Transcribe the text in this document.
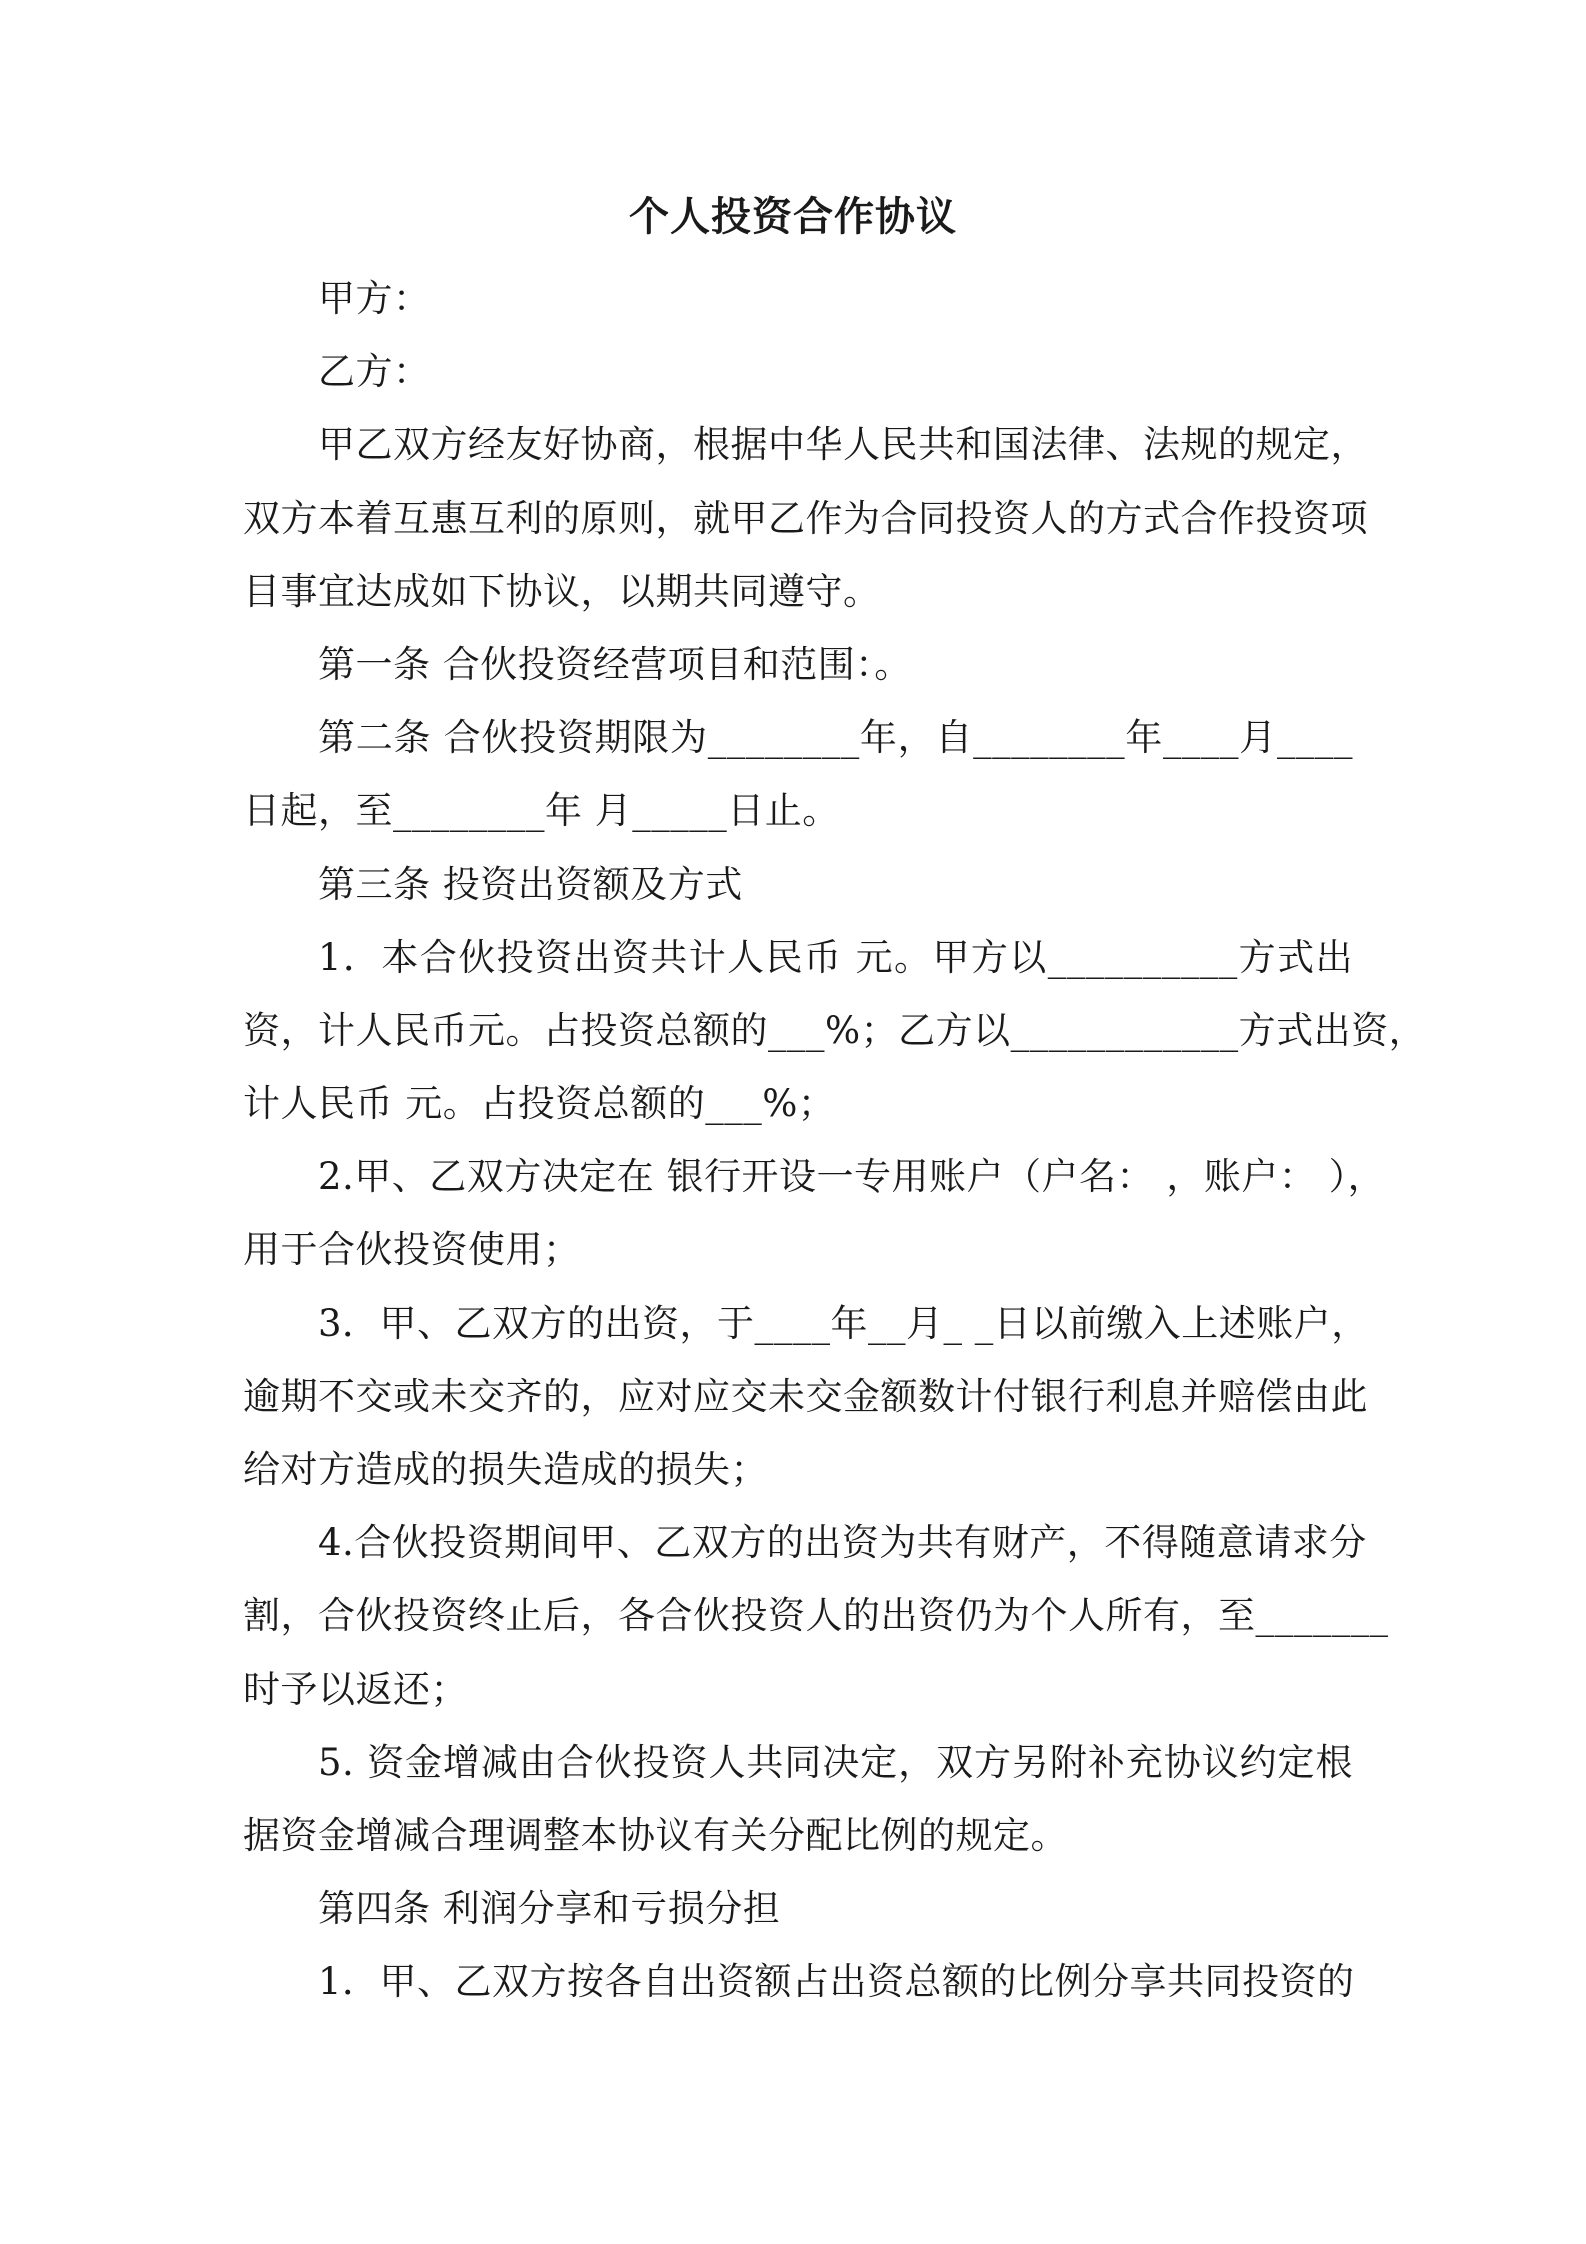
个人投资合作协议
甲方：
乙方：
甲乙双方经友好协商，根据中华人民共和国法律、法规的规定，
双方本着互惠互利的原则，就甲乙作为合同投资人的方式合作投资项
目事宜达成如下协议，以期共同遵守。
第一条 合伙投资经营项目和范围：。
第二条 合伙投资期限为________年，自________年____月____
日起，至________年 月_____日止。
第三条 投资出资额及方式
1．本合伙投资出资共计人民币 元。甲方以__________方式出
资，计人民币元。占投资总额的___%；乙方以____________方式出资，
计人民币 元。占投资总额的___%；
2.甲、乙双方决定在 银行开设一专用账户（户名： ，账户： ），
用于合伙投资使用；
3．甲、乙双方的出资，于____年__月_ _日以前缴入上述账户，
逾期不交或未交齐的，应对应交未交金额数计付银行利息并赔偿由此
给对方造成的损失造成的损失；
4.合伙投资期间甲、乙双方的出资为共有财产，不得随意请求分
割，合伙投资终止后，各合伙投资人的出资仍为个人所有，至_______
时予以返还；
5. 资金增减由合伙投资人共同决定，双方另附补充协议约定根
据资金增减合理调整本协议有关分配比例的规定。
第四条 利润分享和亏损分担
1．甲、乙双方按各自出资额占出资总额的比例分享共同投资的
